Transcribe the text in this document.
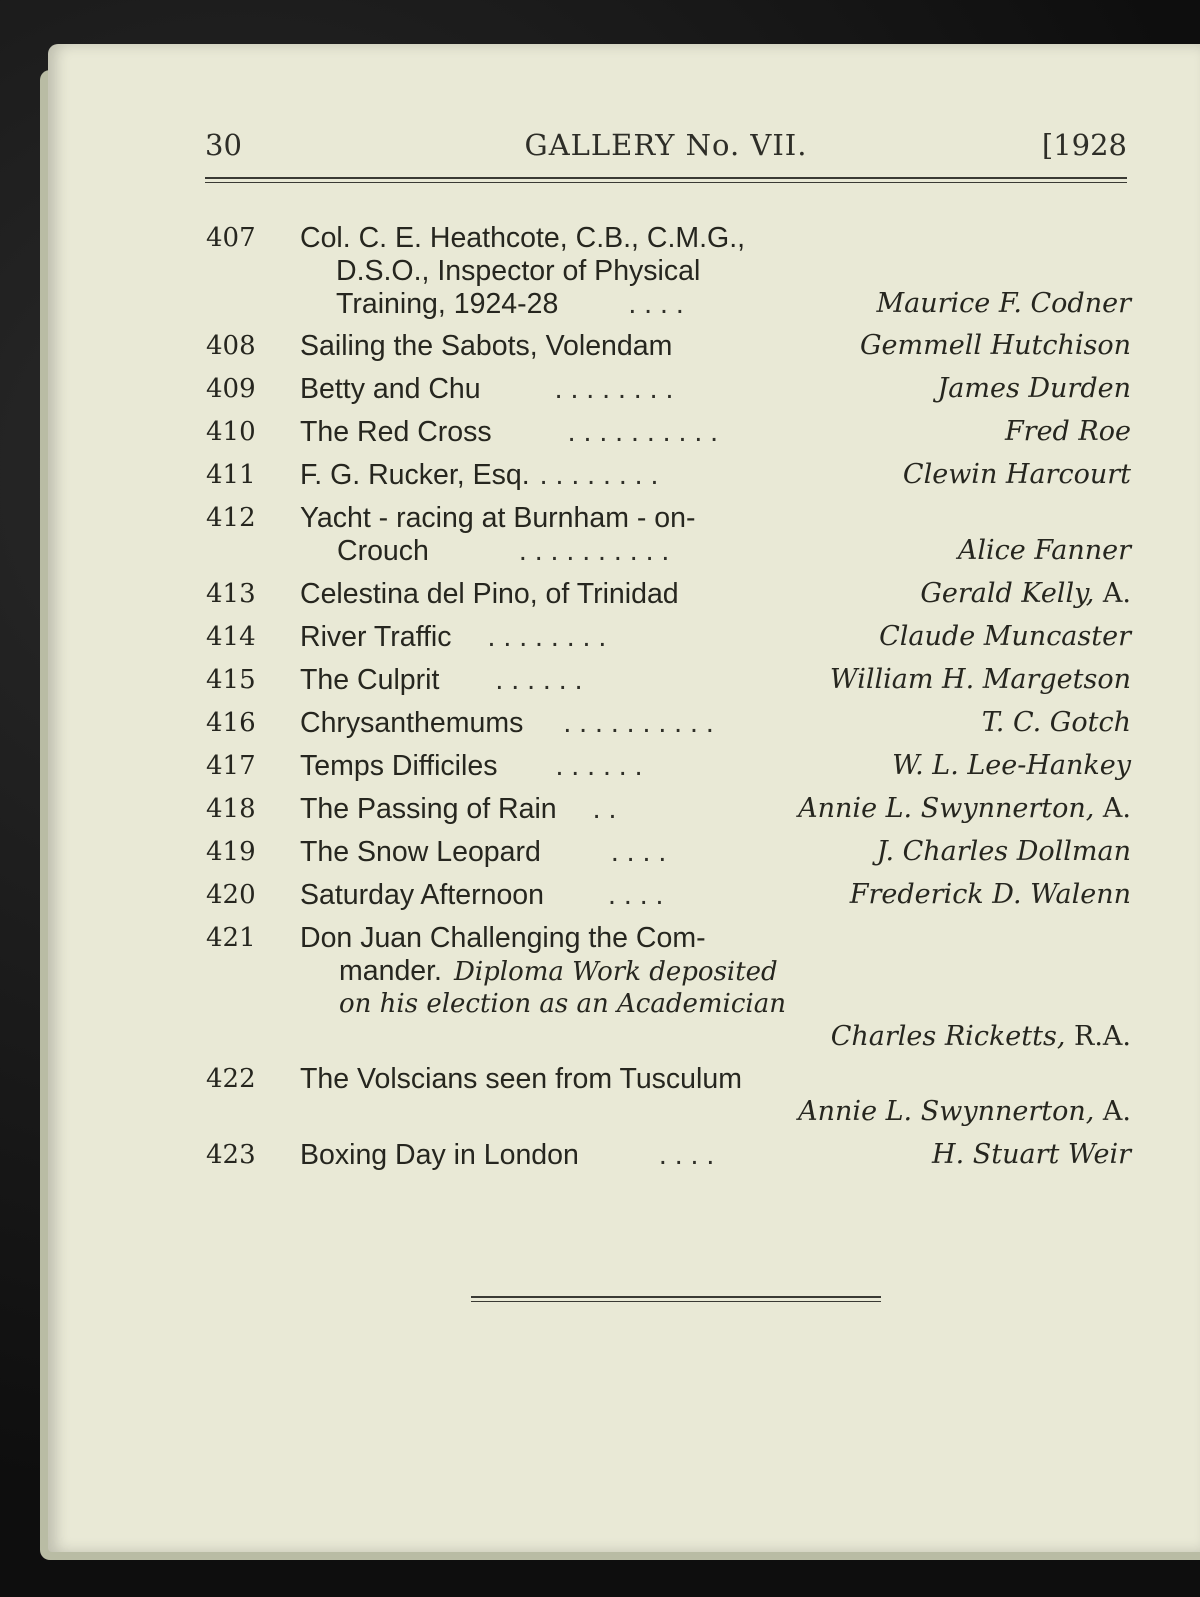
30	GALLERY No. VII.	[1928
407 Col. C. E. Heathcote, C.B., C.M.G.,
D.S.O., Inspector of Physical
Training, 1924-28 . . . .	Maurice F. Codner
408 Sailing the Sabots, Volendam	Gemmell Hutchison
409 Betty and Chu	. . . . . . . .	James Durden
410 The Red Cross	. . . . . . . . . .	Fred Roe
411 F. G. Rucker, Esq. . . . . . . . .	Clewin Harcourt
412 Yacht - racing at Burnham - on-
Crouch	. . . . . . . . . .	Alice Fanner
413 Celestina del Pino, of Trinidad	Gerald Kelly, A.
414 River Traffic . . . . . . . .	Claude Muncaster
415 The Culprit . . . . . .	William H. Margetson
416 Chrysanthemums . . . . . . . . . .	T. C. Gotch
417 Temps Difficiles . . . . . .	W. L. Lee-Hankey
418 The Passing of Rain . .	Annie L. Swynnerton, A.
419 The Snow Leopard . . . .	J. Charles Dollman
420 Saturday Afternoon . . . .	Frederick D. Walenn
421 Don Juan Challenging the Com-
mander. Diploma Work deposited
on his election as an Academician
Charles Ricketts, R.A.
422 The Volscians seen from Tusculum
Annie L. Swynnerton, A.
423 Boxing Day in London	. . . .	H. Stuart Weir
